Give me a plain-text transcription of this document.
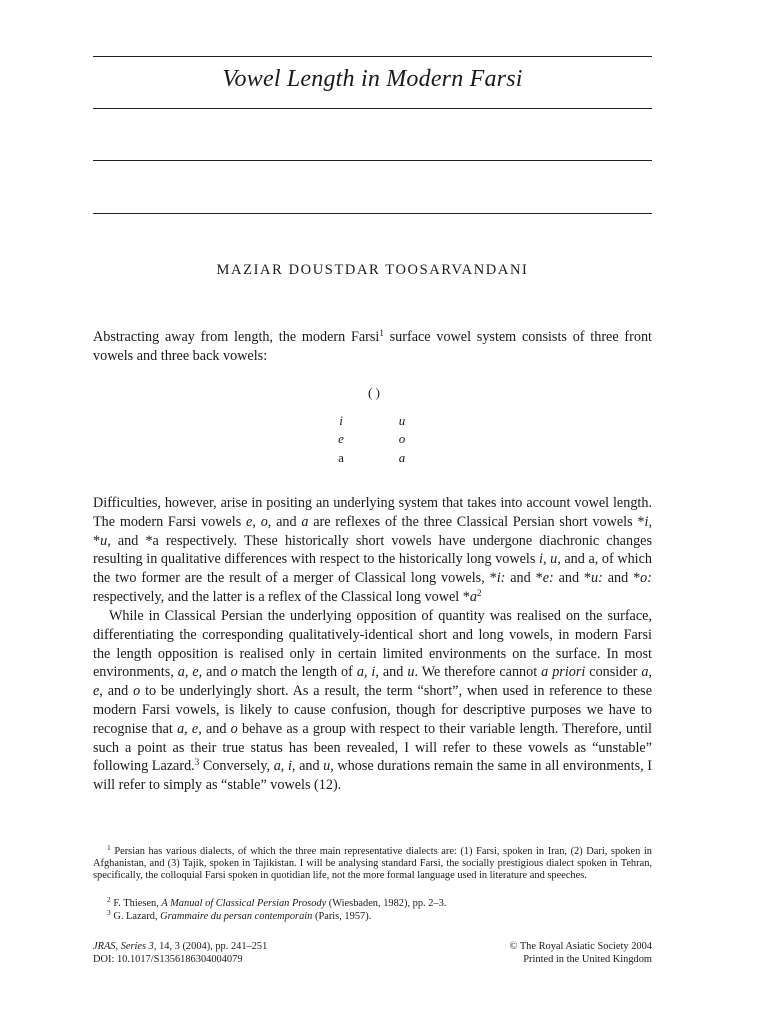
Vowel Length in Modern Farsi
MAZIAR DOUSTDAR TOOSARVANDANI

Abstracting away from length, the modern Farsi$^1$ surface vowel system consists of three front vowels and three back vowels:

( )
i
e
a
u
o
a

Difficulties, however, arise in positing an underlying system that takes into account vowel length. The modern Farsi vowels e, o, and a are reflexes of the three Classical Persian short vowels *i, *u, and *a respectively. These historically short vowels have undergone diachronic changes resulting in qualitative differences with respect to the historically long vowels i, u, and a, of which the two former are the result of a merger of Classical long vowels, *i: and *e: and *u: and *o: respectively, and the latter is a reflex of the Classical long vowel $*a^2$

While in Classical Persian the underlying opposition of quantity was realised on the surface, differentiating the corresponding qualitatively-identical short and long vowels, in modern Farsi the length opposition is realised only in certain limited environments on the surface. In most environments, a, e, and o match the length of a, i, and u. We therefore cannot a priori consider a, e, and o to be underlyingly short. As a result, the term “short”, when used in reference to these modern Farsi vowels, is likely to cause confusion, though for descriptive purposes we have to recognise that a, e, and o behave as a group with respect to their variable length. Therefore, until such a point as their true status has been revealed, I will refer to these vowels as “unstable” following Lazard.$^3$ Conversely, a, i, and u, whose durations remain the same in all environments, I will refer to simply as “stable” vowels (12).

$^1$ Persian has various dialects, of which the three main representative dialects are: (1) Farsi, spoken in Iran, (2) Dari, spoken in Afghanistan, and (3) Tajik, spoken in Tajikistan. I will be analysing standard Farsi, the socially prestigious dialect spoken in Tehran, specifically, the colloquial Farsi spoken in quotidian life, not the more formal language used in literature and speeches.

$^2$ F. Thiesen, A Manual of Classical Persian Prosody (Wiesbaden, 1982), pp. 2–3.

$^3$ G. Lazard, Grammaire du persan contemporain (Paris, 1957).

JRAS, Series 3, 14, 3 (2004), pp. 241–251	© The Royal Asiatic Society 2004
DOI: 10.1017/S1356186304004079	Printed in the United Kingdom
